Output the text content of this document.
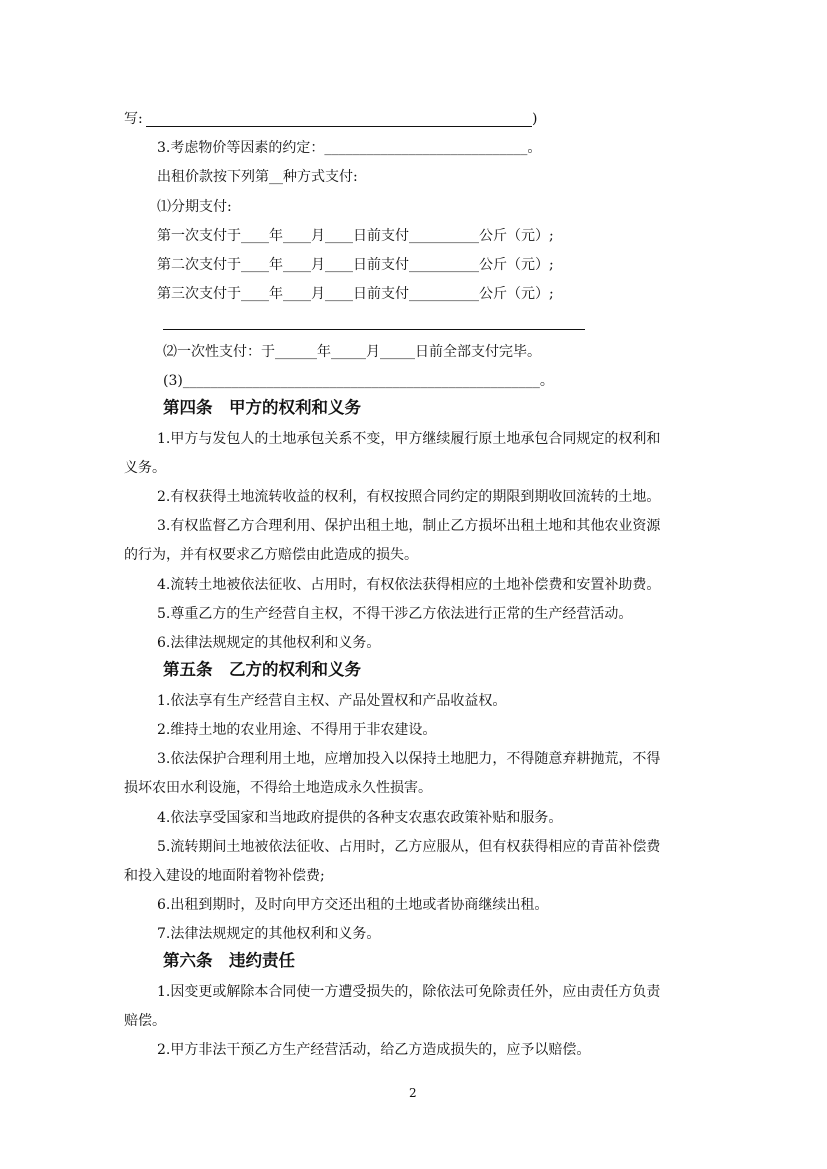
写:	)
3.考虑物价等因素的约定：_____________________________。
出租价款按下列第__种方式支付:
⑴分期支付:
第一次支付于____年____月____日前支付__________公斤（元）;
第二次支付于____年____月____日前支付__________公斤（元）;
第三次支付于____年____月____日前支付__________公斤（元）;
⑵一次性支付：于______年_____月_____日前全部支付完毕。
(3)___________________________________________________。
第四条　甲方的权利和义务
1.甲方与发包人的土地承包关系不变，甲方继续履行原土地承包合同规定的权利和
义务。
2.有权获得土地流转收益的权利，有权按照合同约定的期限到期收回流转的土地。
3.有权监督乙方合理利用、保护出租土地，制止乙方损坏出租土地和其他农业资源
的行为，并有权要求乙方赔偿由此造成的损失。
4.流转土地被依法征收、占用时，有权依法获得相应的土地补偿费和安置补助费。
5.尊重乙方的生产经营自主权，不得干涉乙方依法进行正常的生产经营活动。
6.法律法规规定的其他权利和义务。
第五条　乙方的权利和义务
1.依法享有生产经营自主权、产品处置权和产品收益权。
2.维持土地的农业用途、不得用于非农建设。
3.依法保护合理利用土地，应增加投入以保持土地肥力，不得随意弃耕抛荒，不得
损坏农田水利设施，不得给土地造成永久性损害。
4.依法享受国家和当地政府提供的各种支农惠农政策补贴和服务。
5.流转期间土地被依法征收、占用时，乙方应服从，但有权获得相应的青苗补偿费
和投入建设的地面附着物补偿费;
6.出租到期时，及时向甲方交还出租的土地或者协商继续出租。
7.法律法规规定的其他权利和义务。
第六条　违约责任
1.因变更或解除本合同使一方遭受损失的，除依法可免除责任外，应由责任方负责
赔偿。
2.甲方非法干预乙方生产经营活动，给乙方造成损失的，应予以赔偿。
2
